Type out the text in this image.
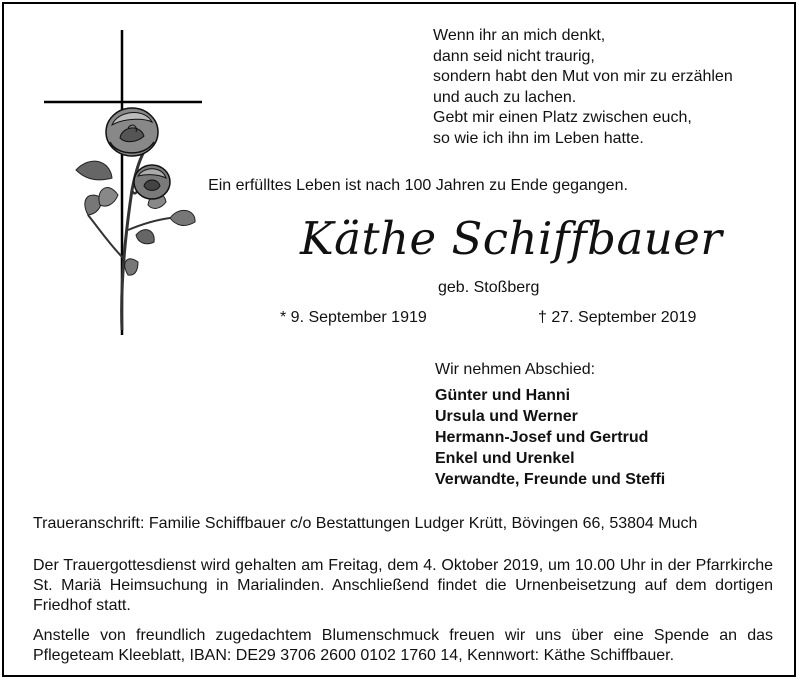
Wenn ihr an mich denkt,
dann seid nicht traurig,
sondern habt den Mut von mir zu erzählen
und auch zu lachen.
Gebt mir einen Platz zwischen euch,
so wie ich ihn im Leben hatte.
Ein erfülltes Leben ist nach 100 Jahren zu Ende gegangen.
Käthe Schiffbauer
geb. Stoßberg
* 9. September 1919	† 27. September 2019
Wir nehmen Abschied:
Günter und Hanni
Ursula und Werner
Hermann-Josef und Gertrud
Enkel und Urenkel
Verwandte, Freunde und Steffi
Traueranschrift: Familie Schiffbauer c/o Bestattungen Ludger Krütt, Bövingen 66, 53804 Much
Der Trauergottesdienst wird gehalten am Freitag, dem 4. Oktober 2019, um 10.00 Uhr in der Pfarrkirche St. Mariä Heimsuchung in Marialinden. Anschließend findet die Urnenbeisetzung auf dem dortigen Friedhof statt.
Anstelle von freundlich zugedachtem Blumenschmuck freuen wir uns über eine Spende an das Pflegeteam Kleeblatt, IBAN: DE29 3706 2600 0102 1760 14, Kennwort: Käthe Schiffbauer.
